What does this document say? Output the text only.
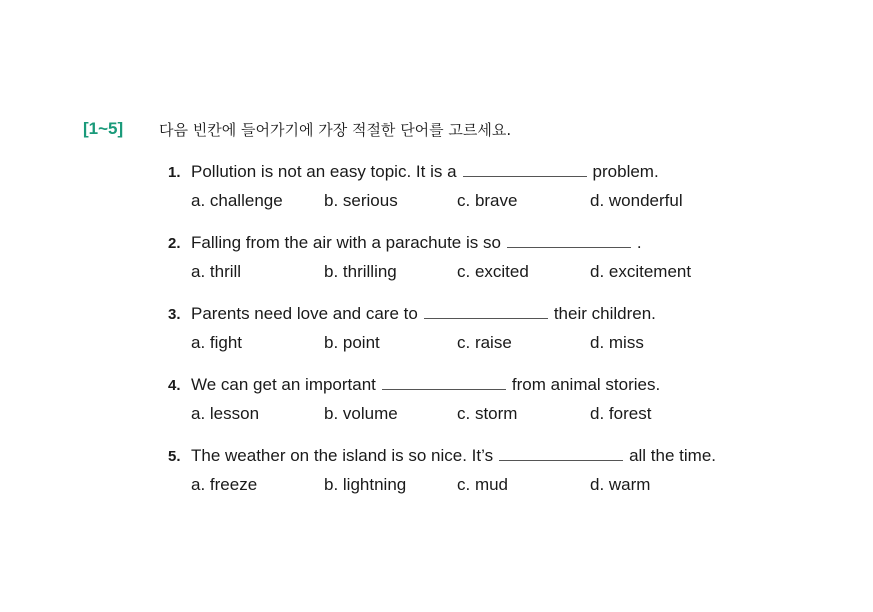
[1~5]	다음 빈칸에 들어가기에 가장 적절한 단어를 고르세요.
1. Pollution is not an easy topic. It is a	problem.
a. challenge	b. serious	c. brave	d. wonderful
2. Falling from the air with a parachute is so	.
a. thrill	b. thrilling	c. excited	d. excitement
3. Parents need love and care to	their children.
a. fight	b. point	c. raise	d. miss
4. We can get an important	from animal stories.
a. lesson	b. volume	c. storm	d. forest
5. The weather on the island is so nice. It’s	all the time.
a. freeze	b. lightning	c. mud	d. warm
